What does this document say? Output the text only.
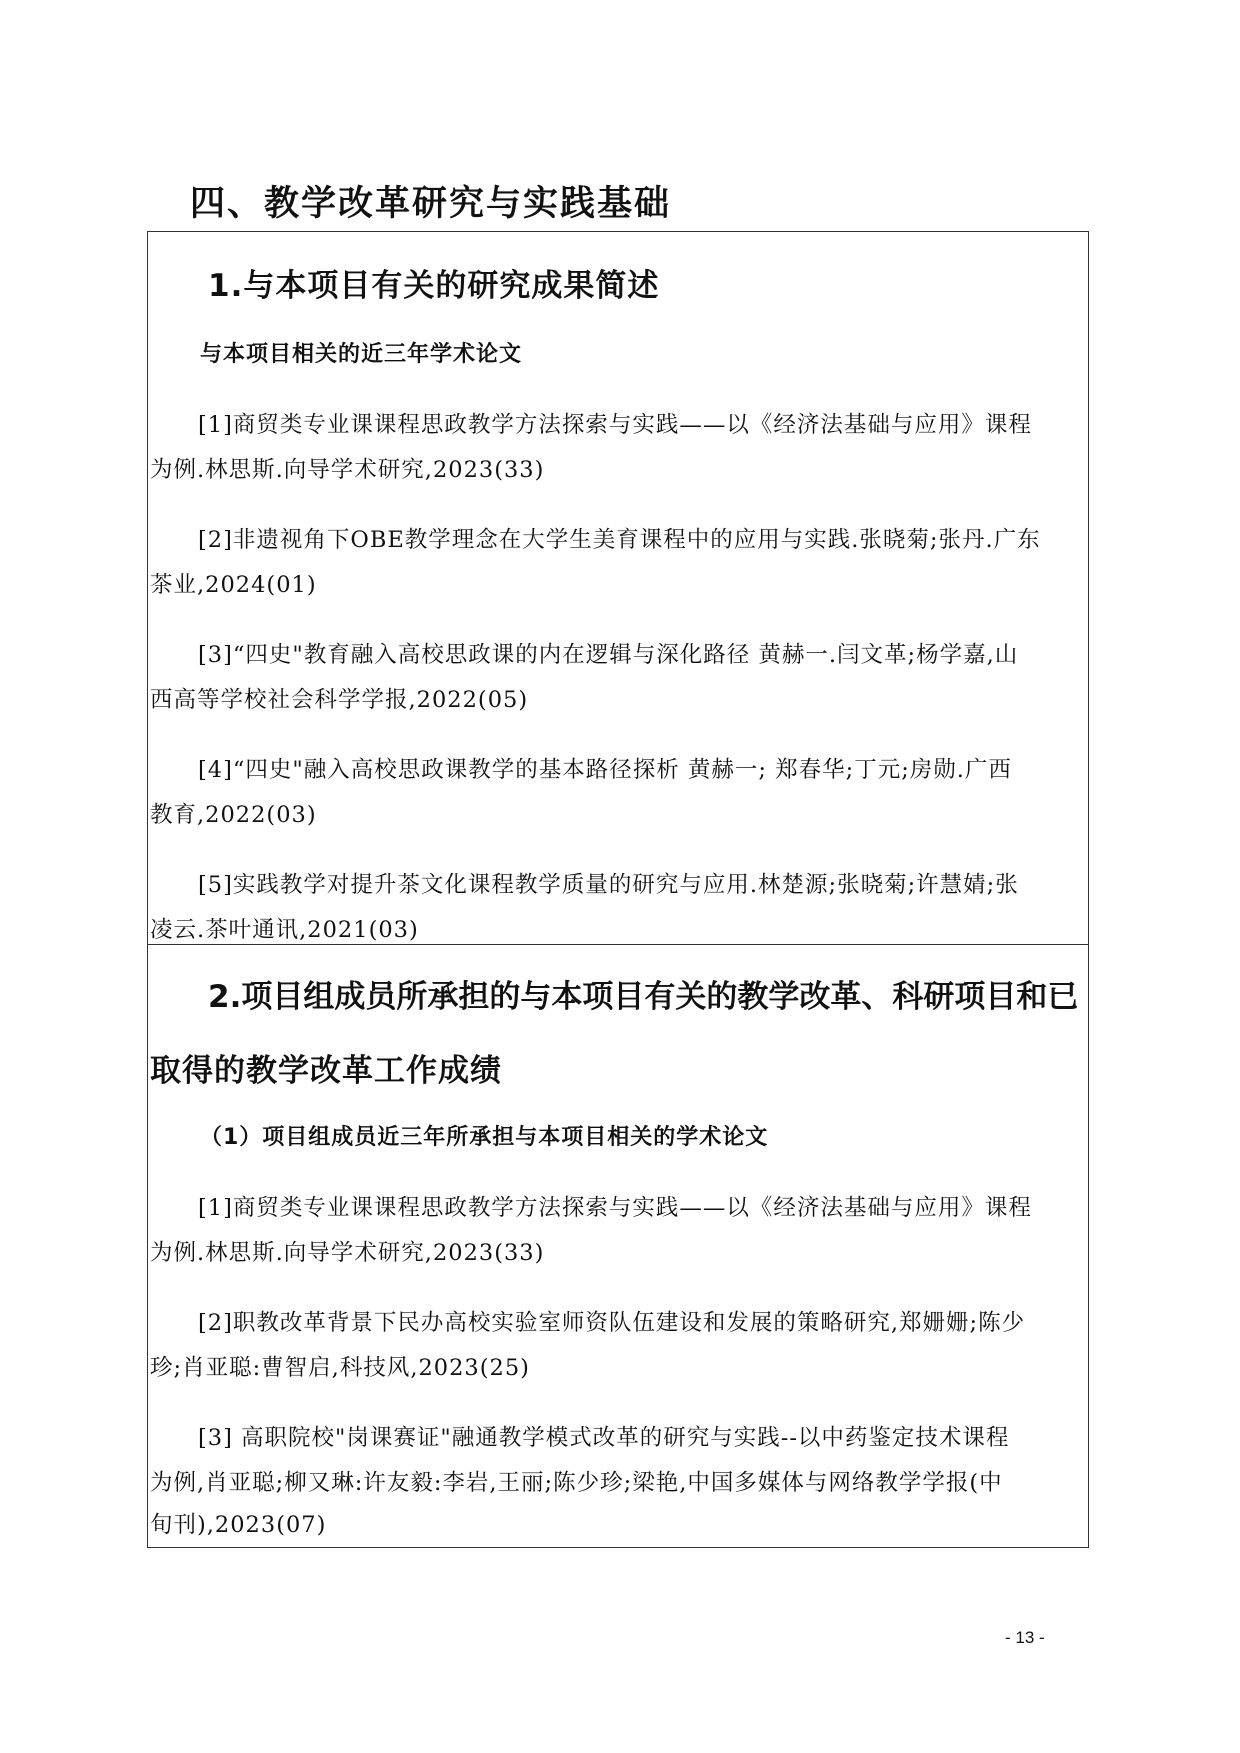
四、教学改革研究与实践基础
1.与本项目有关的研究成果简述
与本项目相关的近三年学术论文
[1]商贸类专业课课程思政教学方法探索与实践——以《经济法基础与应用》课程
为例.林思斯.向导学术研究,2023(33)
[2]非遗视角下OBE教学理念在大学生美育课程中的应用与实践.张晓菊;张丹.广东
茶业,2024(01)
[3]“四史"教育融入高校思政课的内在逻辑与深化路径 黄赫一.闫文革;杨学嘉,山
西高等学校社会科学学报,2022(05)
[4]“四史"融入高校思政课教学的基本路径探析 黄赫一; 郑春华;丁元;房勋.广西
教育,2022(03)
[5]实践教学对提升茶文化课程教学质量的研究与应用.林楚源;张晓菊;许慧婧;张
凌云.茶叶通讯,2021(03)
2.项目组成员所承担的与本项目有关的教学改革、科研项目和已
取得的教学改革工作成绩
（1）项目组成员近三年所承担与本项目相关的学术论文
[1]商贸类专业课课程思政教学方法探索与实践——以《经济法基础与应用》课程
为例.林思斯.向导学术研究,2023(33)
[2]职教改革背景下民办高校实验室师资队伍建设和发展的策略研究,郑姗姗;陈少
珍;肖亚聪:曹智启,科技风,2023(25)
[3] 高职院校"岗课赛证"融通教学模式改革的研究与实践--以中药鉴定技术课程
为例,肖亚聪;柳又琳:许友毅:李岩,王丽;陈少珍;梁艳,中国多媒体与网络教学学报(中
旬刊),2023(07)
- 13 -
